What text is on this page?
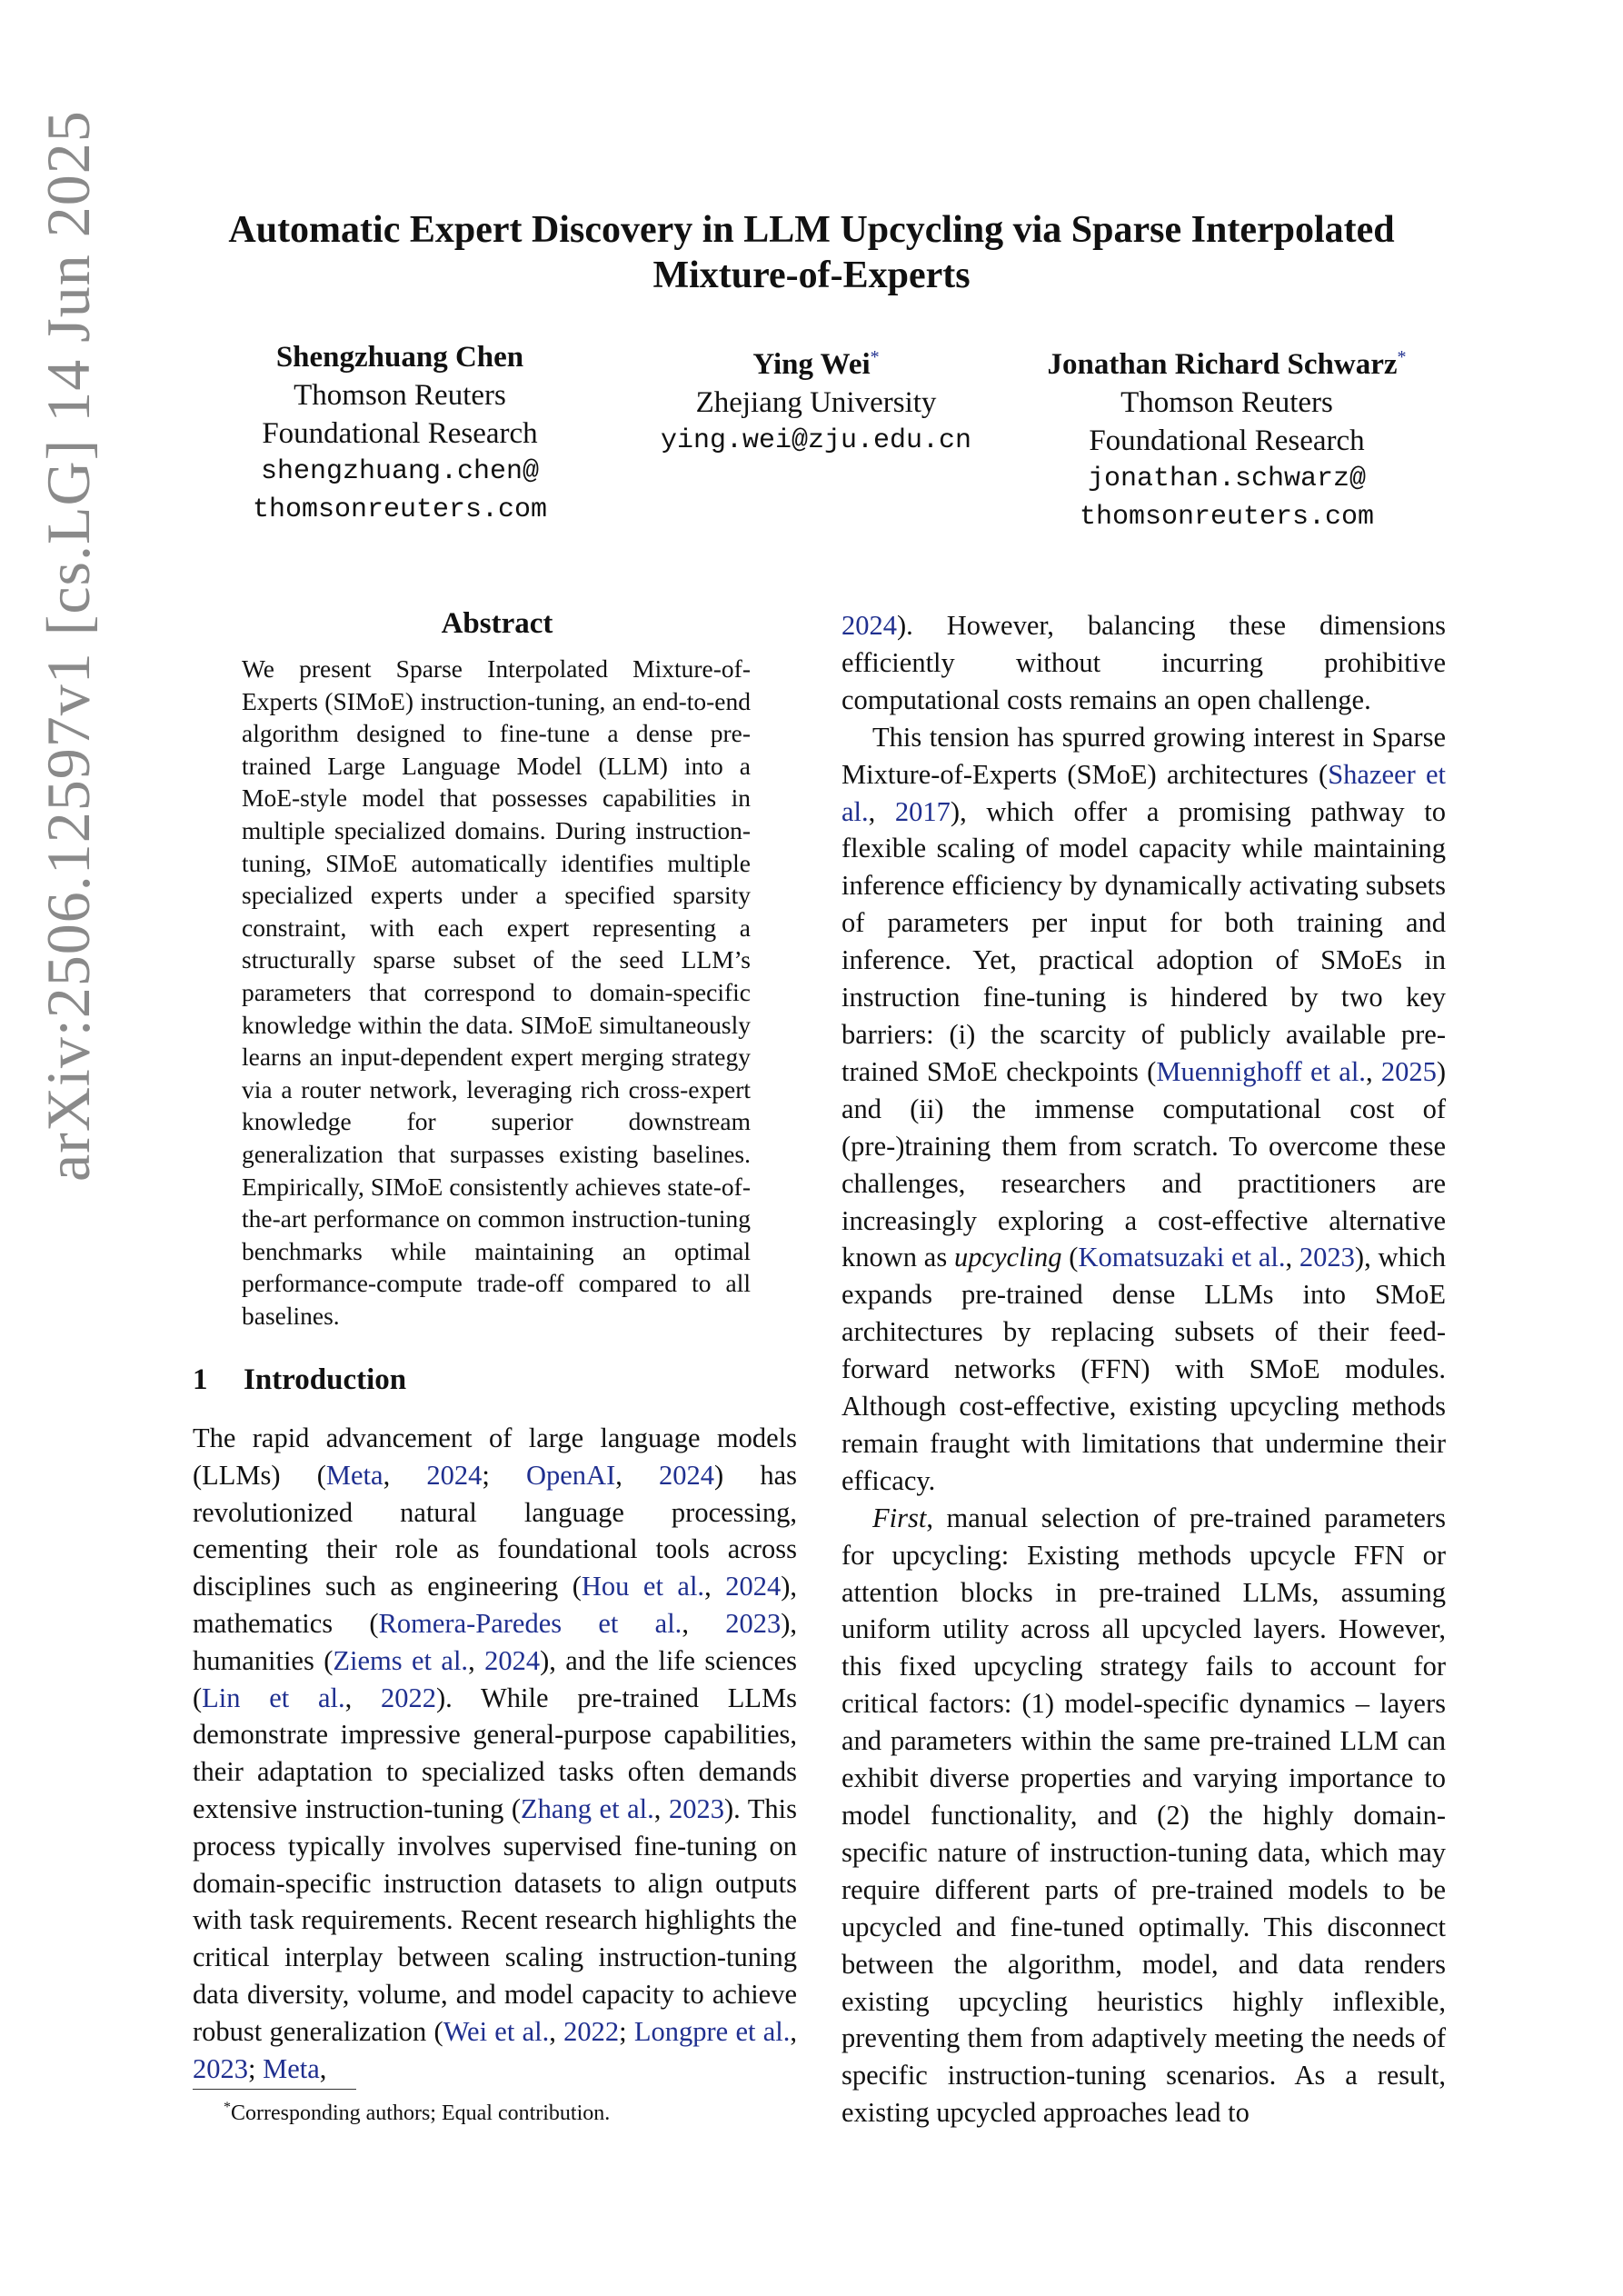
arXiv:2506.12597v1 [cs.LG] 14 Jun 2025	Automatic Expert Discovery in LLM Upcycling via Sparse Interpolated
Mixture-of-Experts
Shengzhuang Chen
Thomson Reuters
Foundational Research
shengzhuang.chen@
thomsonreuters.com
Ying Wei*
Zhejiang University
ying.wei@zju.edu.cn
Jonathan Richard Schwarz*
Thomson Reuters
Foundational Research
jonathan.schwarz@
thomsonreuters.com
Abstract
We present Sparse Interpolated Mixture-of-Experts (SIMoE) instruction-tuning, an end-to-end algorithm designed to fine-tune a dense pre-trained Large Language Model (LLM) into a MoE-style model that possesses capabilities in multiple specialized domains. During instruction-tuning, SIMoE automatically identifies multiple specialized experts under a specified sparsity constraint, with each expert representing a structurally sparse subset of the seed LLM’s parameters that correspond to domain-specific knowledge within the data. SIMoE simultaneously learns an input-dependent expert merging strategy via a router network, leveraging rich cross-expert knowledge for superior downstream generalization that surpasses existing baselines. Empirically, SIMoE consistently achieves state-of-the-art performance on common instruction-tuning benchmarks while maintaining an optimal performance-compute trade-off compared to all baselines.
1 Introduction

The rapid advancement of large language models (LLMs) (Meta, 2024; OpenAI, 2024) has revolutionized natural language processing, cementing their role as foundational tools across disciplines such as engineering (Hou et al., 2024), mathematics (Romera-Paredes et al., 2023), humanities (Ziems et al., 2024), and the life sciences (Lin et al., 2022). While pre-trained LLMs demonstrate impressive general-purpose capabilities, their adaptation to specialized tasks often demands extensive instruction-tuning (Zhang et al., 2023). This process typically involves supervised fine-tuning on domain-specific instruction datasets to align outputs with task requirements. Recent research highlights the critical interplay between scaling instruction-tuning data diversity, volume, and model capacity to achieve robust generalization (Wei et al., 2022; Longpre et al., 2023; Meta,

*Corresponding authors; Equal contribution.

2024). However, balancing these dimensions efficiently without incurring prohibitive computational costs remains an open challenge.

This tension has spurred growing interest in Sparse Mixture-of-Experts (SMoE) architectures (Shazeer et al., 2017), which offer a promising pathway to flexible scaling of model capacity while maintaining inference efficiency by dynamically activating subsets of parameters per input for both training and inference. Yet, practical adoption of SMoEs in instruction fine-tuning is hindered by two key barriers: (i) the scarcity of publicly available pre-trained SMoE checkpoints (Muennighoff et al., 2025) and (ii) the immense computational cost of (pre-)training them from scratch. To overcome these challenges, researchers and practitioners are increasingly exploring a cost-effective alternative known as upcycling (Komatsuzaki et al., 2023), which expands pre-trained dense LLMs into SMoE architectures by replacing subsets of their feed-forward networks (FFN) with SMoE modules. Although cost-effective, existing upcycling methods remain fraught with limitations that undermine their efficacy.

First, manual selection of pre-trained parameters for upcycling: Existing methods upcycle FFN or attention blocks in pre-trained LLMs, assuming uniform utility across all upcycled layers. However, this fixed upcycling strategy fails to account for critical factors: (1) model-specific dynamics – layers and parameters within the same pre-trained LLM can exhibit diverse properties and varying importance to model functionality, and (2) the highly domain-specific nature of instruction-tuning data, which may require different parts of pre-trained models to be upcycled and fine-tuned optimally. This disconnect between the algorithm, model, and data renders existing upcycling heuristics highly inflexible, preventing them from adaptively meeting the needs of specific instruction-tuning scenarios. As a result, existing upcycled approaches lead to
